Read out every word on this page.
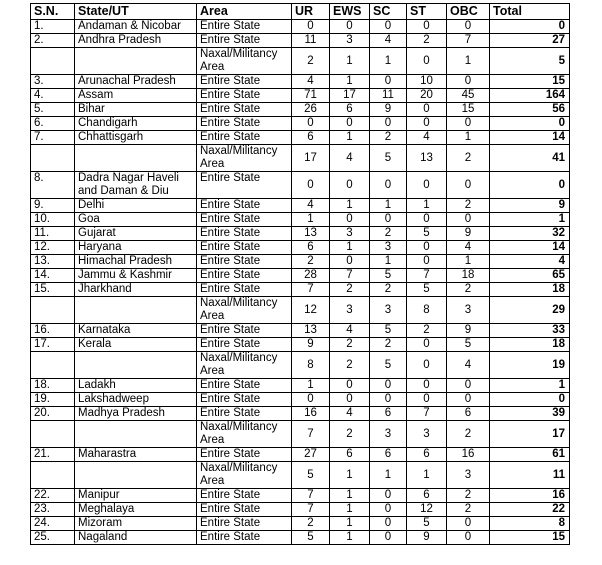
S.N.	State/UT	Area	UR	EWS	SC	ST	OBC	Total
1.	Andaman & Nicobar	Entire State	0	0	0	0	0	0
2.	Andhra Pradesh	Entire State	11	3	4	2	7	27
		Naxal/Militancy Area	2	1	1	0	1	5
3.	Arunachal Pradesh	Entire State	4	1	0	10	0	15
4.	Assam	Entire State	71	17	11	20	45	164
5.	Bihar	Entire State	26	6	9	0	15	56
6.	Chandigarh	Entire State	0	0	0	0	0	0
7.	Chhattisgarh	Entire State	6	1	2	4	1	14
		Naxal/Militancy Area	17	4	5	13	2	41
8.	Dadra Nagar Haveli and Daman & Diu	Entire State	0	0	0	0	0	0
9.	Delhi	Entire State	4	1	1	1	2	9
10.	Goa	Entire State	1	0	0	0	0	1
11.	Gujarat	Entire State	13	3	2	5	9	32
12.	Haryana	Entire State	6	1	3	0	4	14
13.	Himachal Pradesh	Entire State	2	0	1	0	1	4
14.	Jammu & Kashmir	Entire State	28	7	5	7	18	65
15.	Jharkhand	Entire State	7	2	2	5	2	18
		Naxal/Militancy Area	12	3	3	8	3	29
16.	Karnataka	Entire State	13	4	5	2	9	33
17.	Kerala	Entire State	9	2	2	0	5	18
		Naxal/Militancy Area	8	2	5	0	4	19
18.	Ladakh	Entire State	1	0	0	0	0	1
19.	Lakshadweep	Entire State	0	0	0	0	0	0
20.	Madhya Pradesh	Entire State	16	4	6	7	6	39
		Naxal/Militancy Area	7	2	3	3	2	17
21.	Maharastra	Entire State	27	6	6	6	16	61
		Naxal/Militancy Area	5	1	1	1	3	11
22.	Manipur	Entire State	7	1	0	6	2	16
23.	Meghalaya	Entire State	7	1	0	12	2	22
24.	Mizoram	Entire State	2	1	0	5	0	8
25.	Nagaland	Entire State	5	1	0	9	0	15
